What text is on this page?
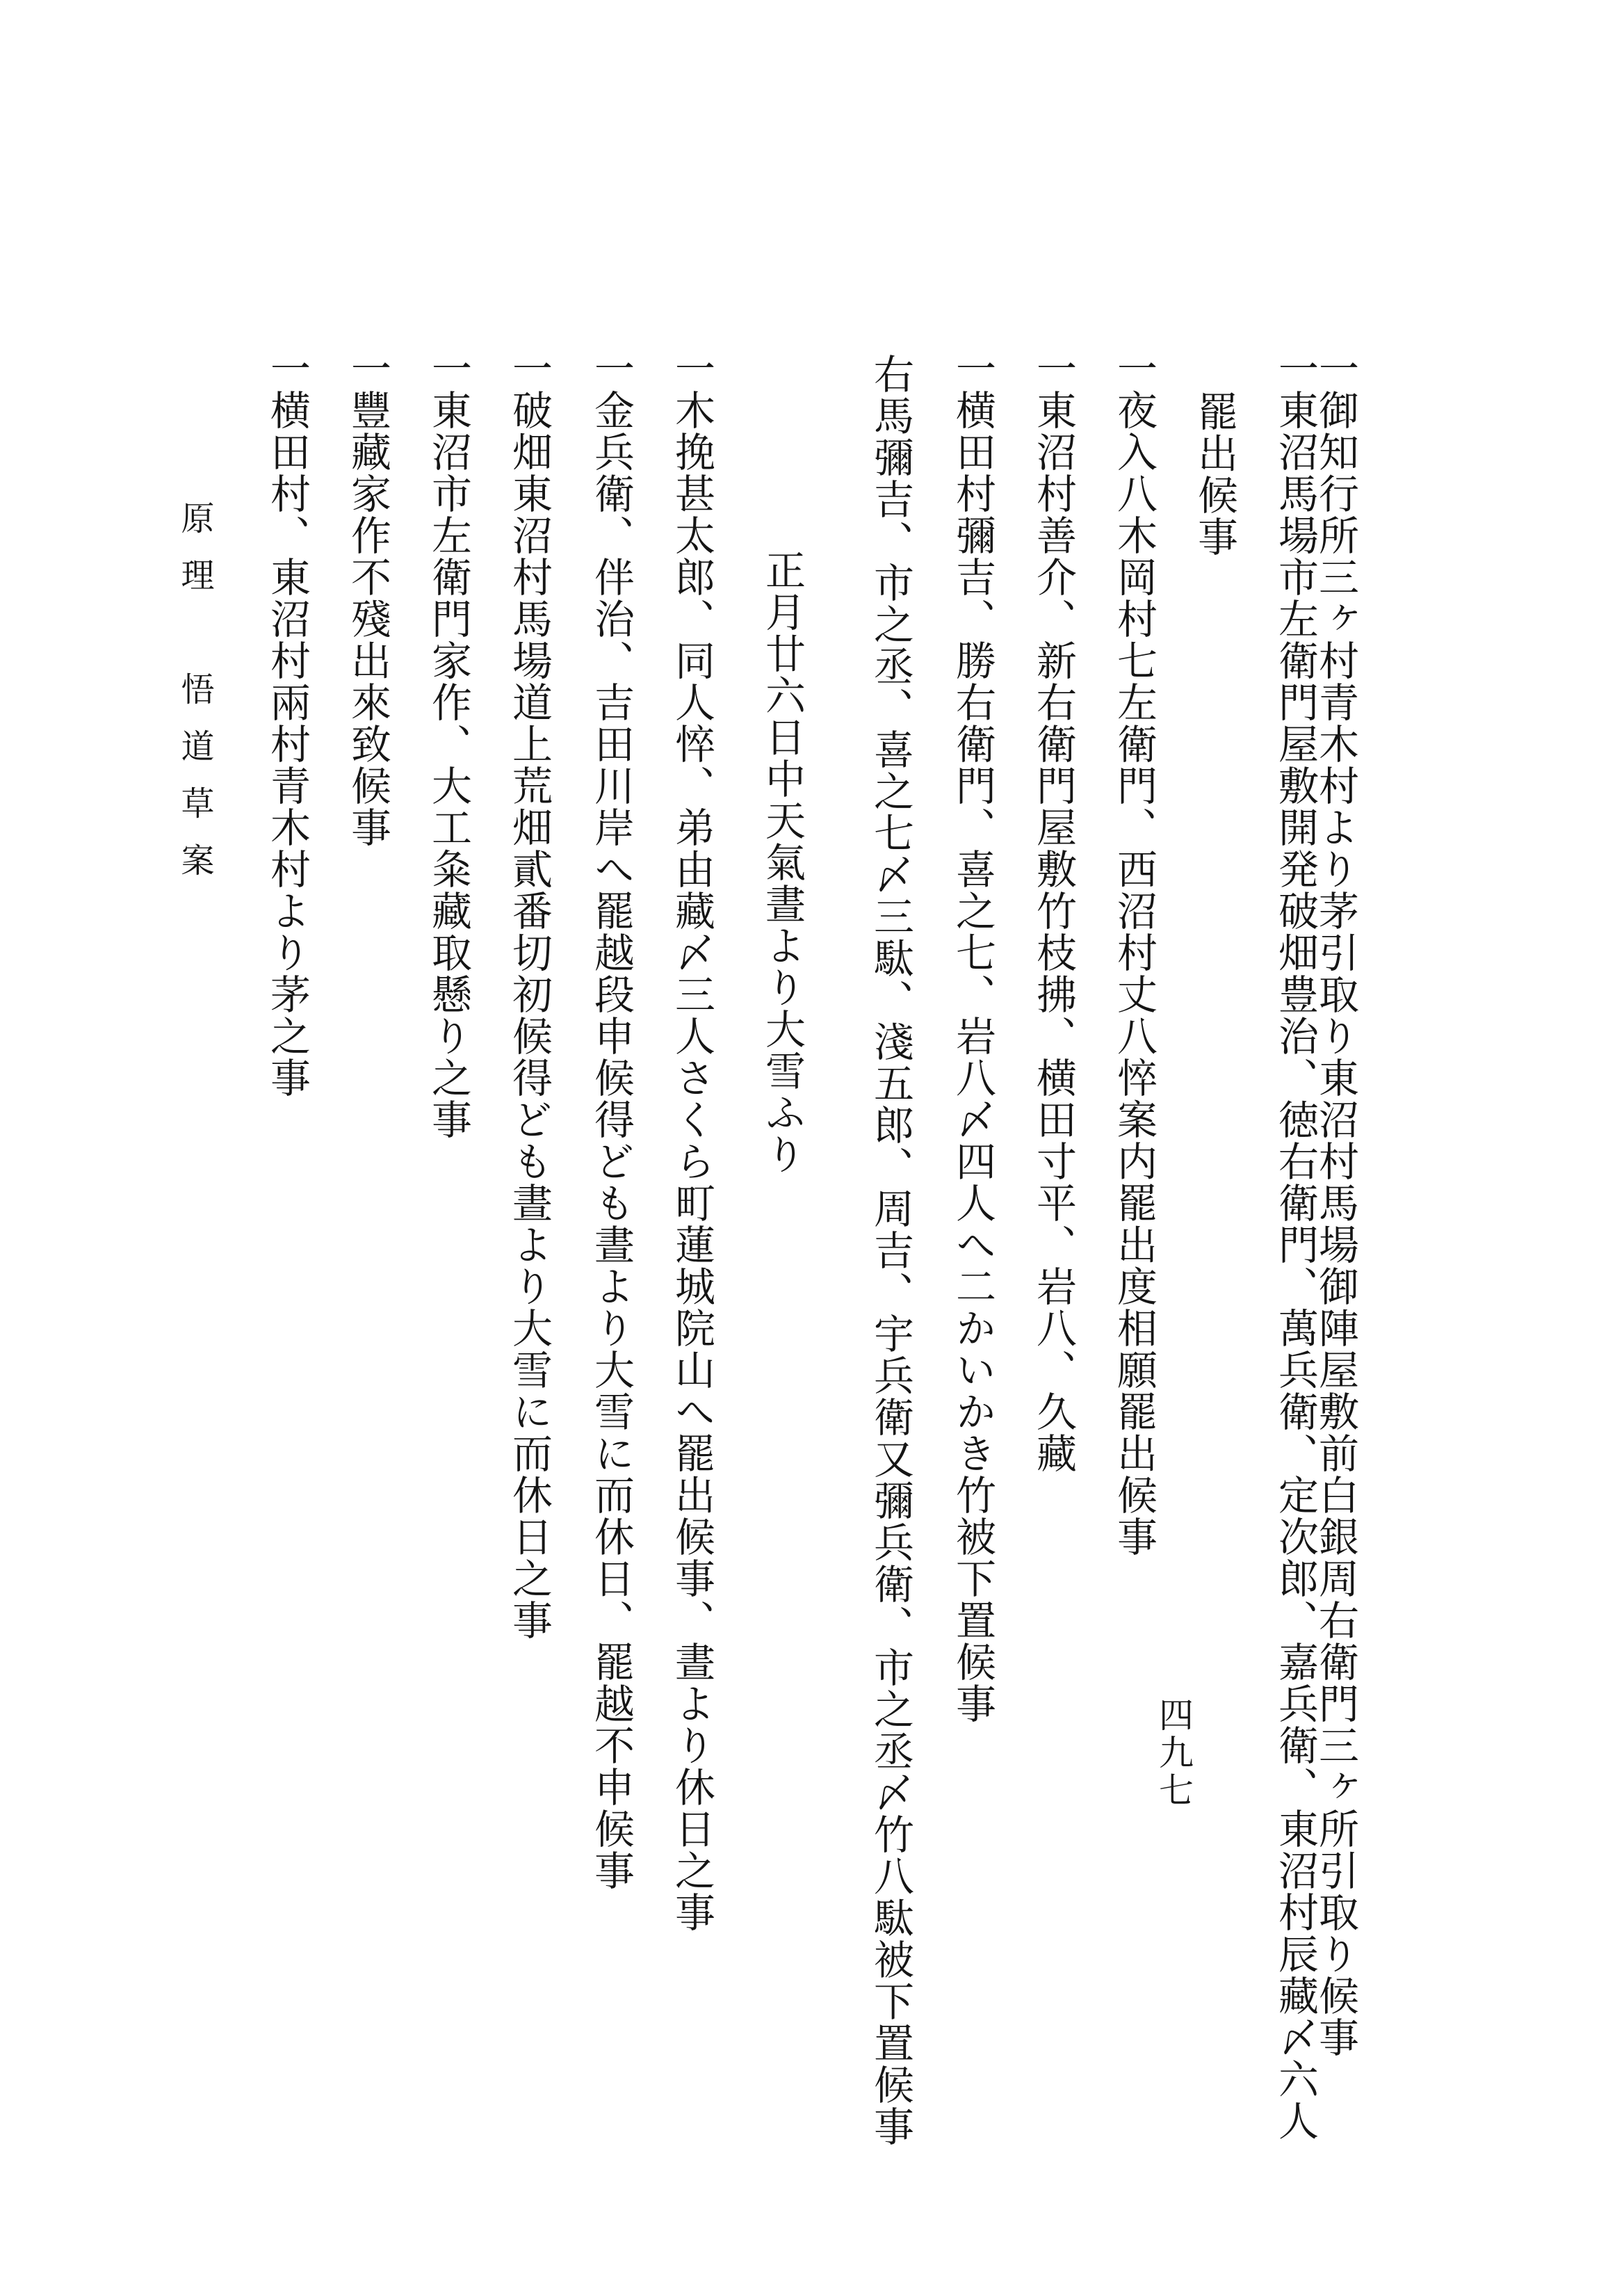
一御知行所三ヶ村青木村より茅引取り東沼村馬場御陣屋敷前白銀周右衛門三ヶ所引取り候事
一東沼馬場市左衛門屋敷開発破畑豊治、徳右衛門、萬兵衛、定次郎、嘉兵衛、東沼村辰藏〆六人
罷出候事
一夜入八木岡村七左衛門、西沼村丈八悴案内罷出度相願罷出候事
一東沼村善介、新右衛門屋敷竹枝拂、横田寸平、岩八、久藏
一横田村彌吉、勝右衛門、喜之七、岩八〆四人へ二かいかき竹被下置候事
右馬彌吉、市之丞、喜之七〆三駄、淺五郎、周吉、宇兵衛又彌兵衛、市之丞〆竹八駄被下置候事
正月廿六日中天氣晝より大雪ふり
一木挽甚太郎、同人悴、弟由藏〆三人さくら町蓮城院山へ罷出候事、晝より休日之事
一金兵衛、伴治、吉田川岸へ罷越段申候得ども晝より大雪に而休日、罷越不申候事
一破畑東沼村馬場道上荒畑貳番切初候得ども晝より大雪に而休日之事
一東沼市左衛門家作、大工粂藏取懸り之事
一豐藏家作不殘出來致候事
一横田村、東沼村兩村青木村より茅之事
原理　悟道草案
四九七
